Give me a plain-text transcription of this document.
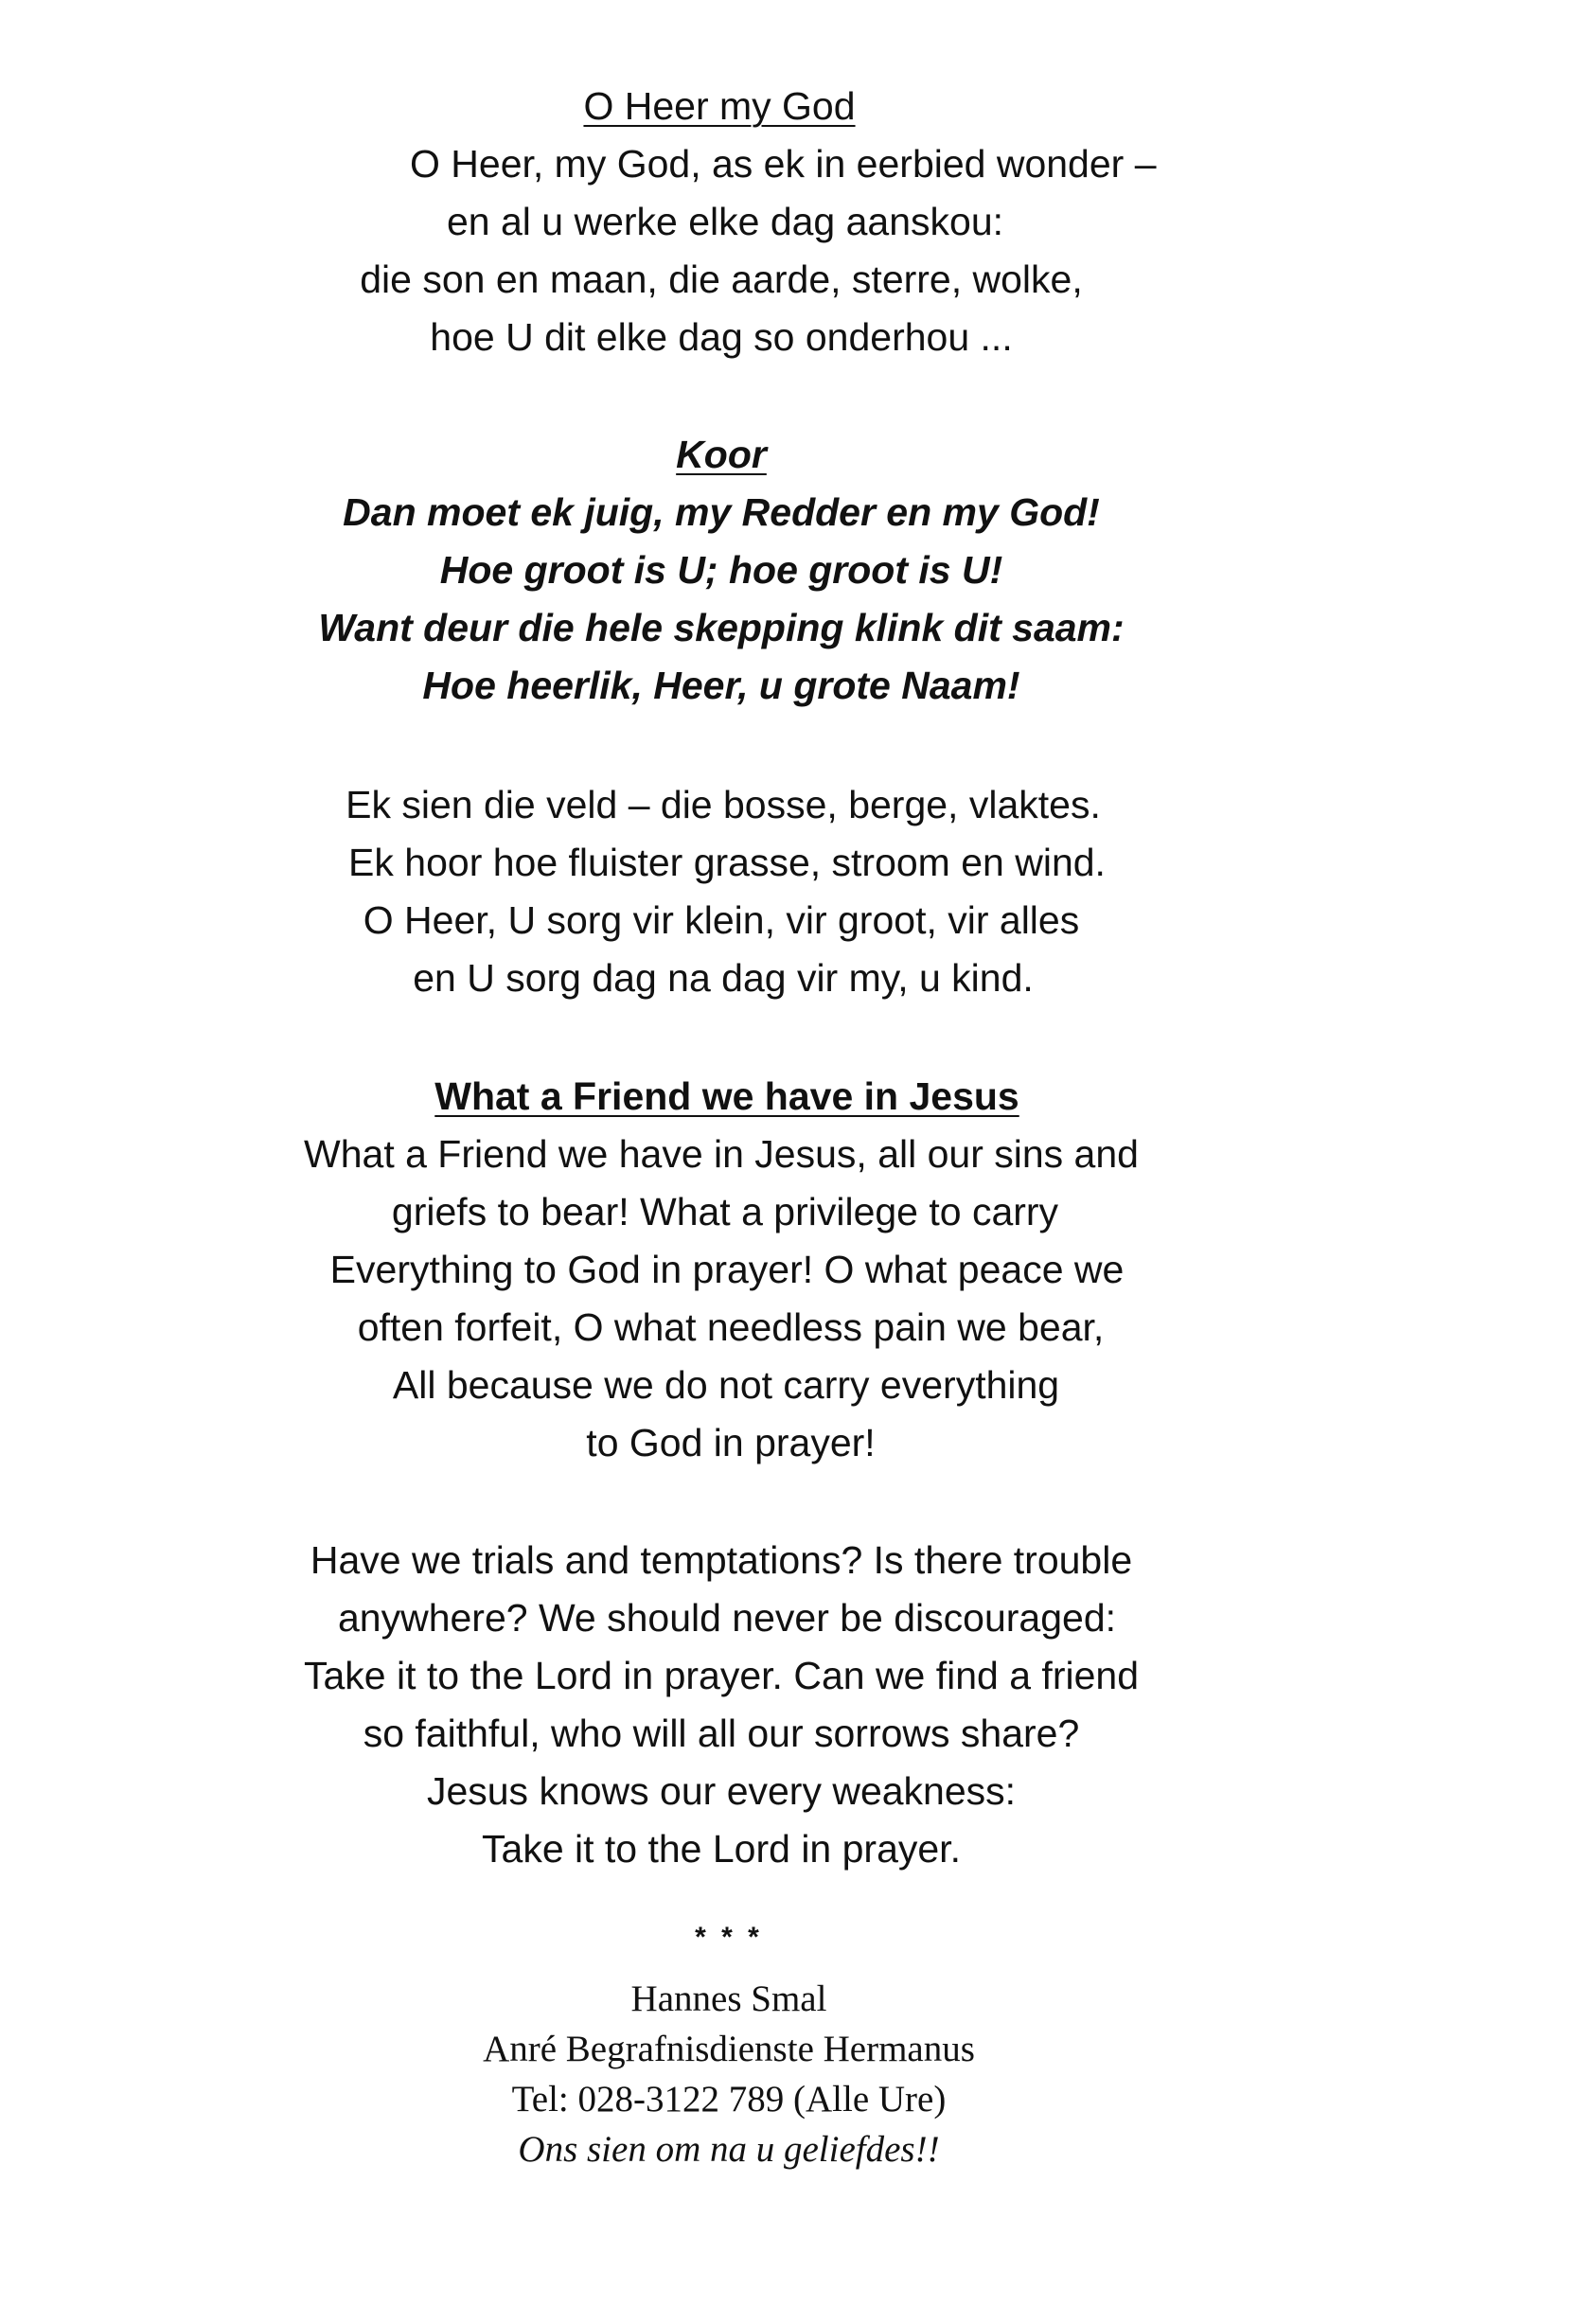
O Heer my God
O Heer, my God, as ek in eerbied wonder –
en al u werke elke dag aanskou:
die son en maan, die aarde, sterre, wolke,
hoe U dit elke dag so onderhou ...
Koor
Dan moet ek juig, my Redder en my God!
Hoe groot is U; hoe groot is U!
Want deur die hele skepping klink dit saam:
Hoe heerlik, Heer, u grote Naam!
Ek sien die veld – die bosse, berge, vlaktes.
Ek hoor hoe fluister grasse, stroom en wind.
O Heer, U sorg vir klein, vir groot, vir alles
en U sorg dag na dag vir my, u kind.
What a Friend we have in Jesus
What a Friend we have in Jesus, all our sins and
griefs to bear! What a privilege to carry
Everything to God in prayer! O what peace we
often forfeit, O what needless pain we bear,
All because we do not carry everything
to God in prayer!
Have we trials and temptations? Is there trouble
anywhere? We should never be discouraged:
Take it to the Lord in prayer. Can we find a friend
so faithful, who will all our sorrows share?
Jesus knows our every weakness:
Take it to the Lord in prayer.
* * *
Hannes Smal
Anré Begrafnisdienste Hermanus
Tel: 028-3122 789 (Alle Ure)
Ons sien om na u geliefdes!!
